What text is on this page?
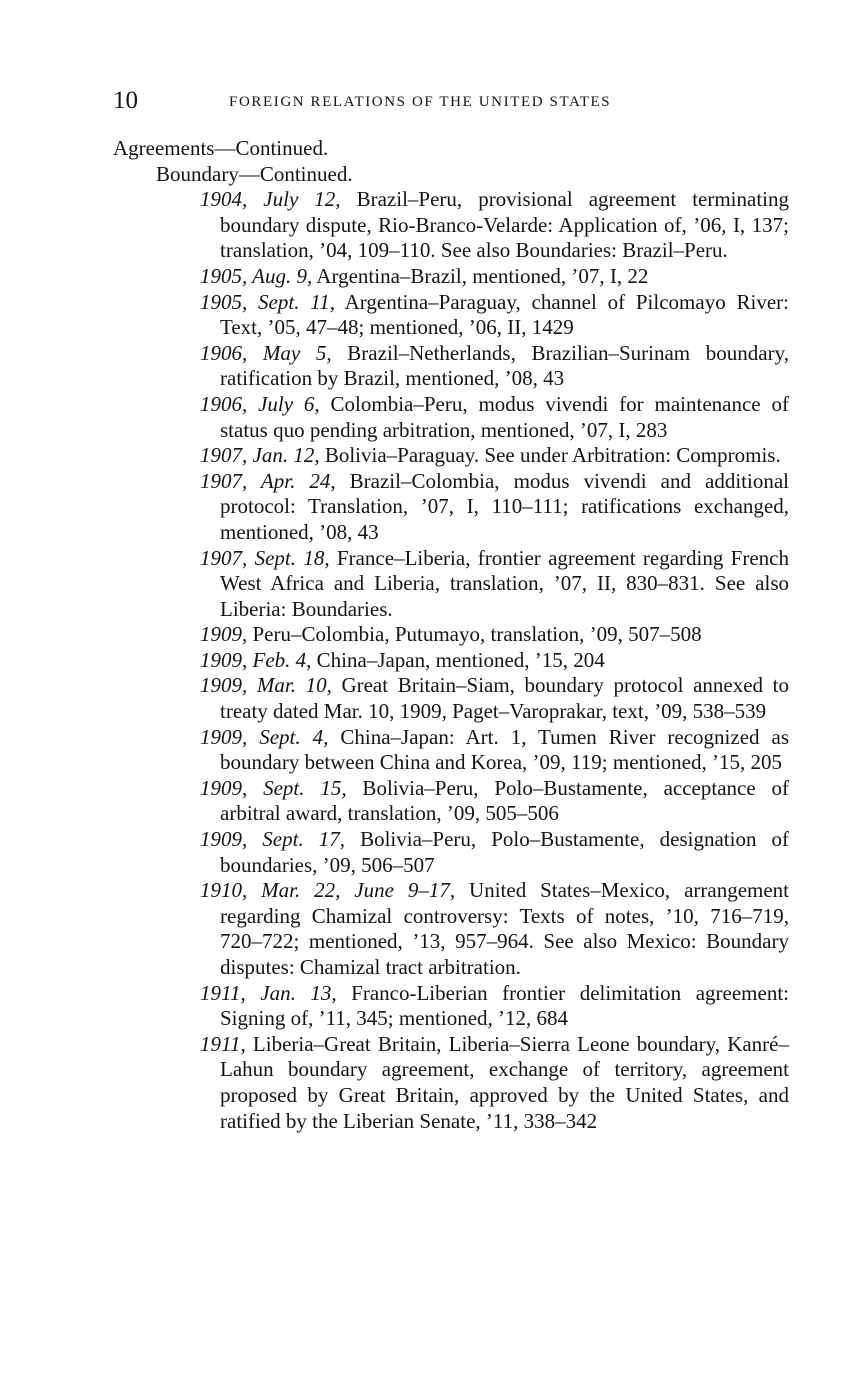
10	FOREIGN RELATIONS OF THE UNITED STATES

Agreements—Continued.

Boundary—Continued.

1904, July 12, Brazil–Peru, provisional agreement terminating boundary dispute, Rio-Branco-Velarde: Application of, ’06, I, 137; translation, ’04, 109–110. See also Boundaries: Brazil–Peru.
1905, Aug. 9, Argentina–Brazil, mentioned, ’07, I, 22
1905, Sept. 11, Argentina–Paraguay, channel of Pilcomayo River: Text, ’05, 47–48; mentioned, ’06, II, 1429
1906, May 5, Brazil–Netherlands, Brazilian–Surinam boundary, ratification by Brazil, mentioned, ’08, 43
1906, July 6, Colombia–Peru, modus vivendi for maintenance of status quo pending arbitration, mentioned, ’07, I, 283
1907, Jan. 12, Bolivia–Paraguay. See under Arbitration: Compromis.
1907, Apr. 24, Brazil–Colombia, modus vivendi and additional protocol: Translation, ’07, I, 110–111; ratifications exchanged, mentioned, ’08, 43
1907, Sept. 18, France–Liberia, frontier agreement regarding French West Africa and Liberia, translation, ’07, II, 830–831. See also Liberia: Boundaries.
1909, Peru–Colombia, Putumayo, translation, ’09, 507–508
1909, Feb. 4, China–Japan, mentioned, ’15, 204
1909, Mar. 10, Great Britain–Siam, boundary protocol annexed to treaty dated Mar. 10, 1909, Paget–Varoprakar, text, ’09, 538–539
1909, Sept. 4, China–Japan: Art. 1, Tumen River recognized as boundary between China and Korea, ’09, 119; mentioned, ’15, 205
1909, Sept. 15, Bolivia–Peru, Polo–Bustamente, acceptance of arbitral award, translation, ’09, 505–506
1909, Sept. 17, Bolivia–Peru, Polo–Bustamente, designation of boundaries, ’09, 506–507
1910, Mar. 22, June 9–17, United States–Mexico, arrangement regarding Chamizal controversy: Texts of notes, ’10, 716–719, 720–722; mentioned, ’13, 957–964. See also Mexico: Boundary disputes: Chamizal tract arbitration.
1911, Jan. 13, Franco-Liberian frontier delimitation agreement: Signing of, ’11, 345; mentioned, ’12, 684
1911, Liberia–Great Britain, Liberia–Sierra Leone boundary, Kanré–Lahun boundary agreement, exchange of territory, agreement proposed by Great Britain, approved by the United States, and ratified by the Liberian Senate, ’11, 338–342
